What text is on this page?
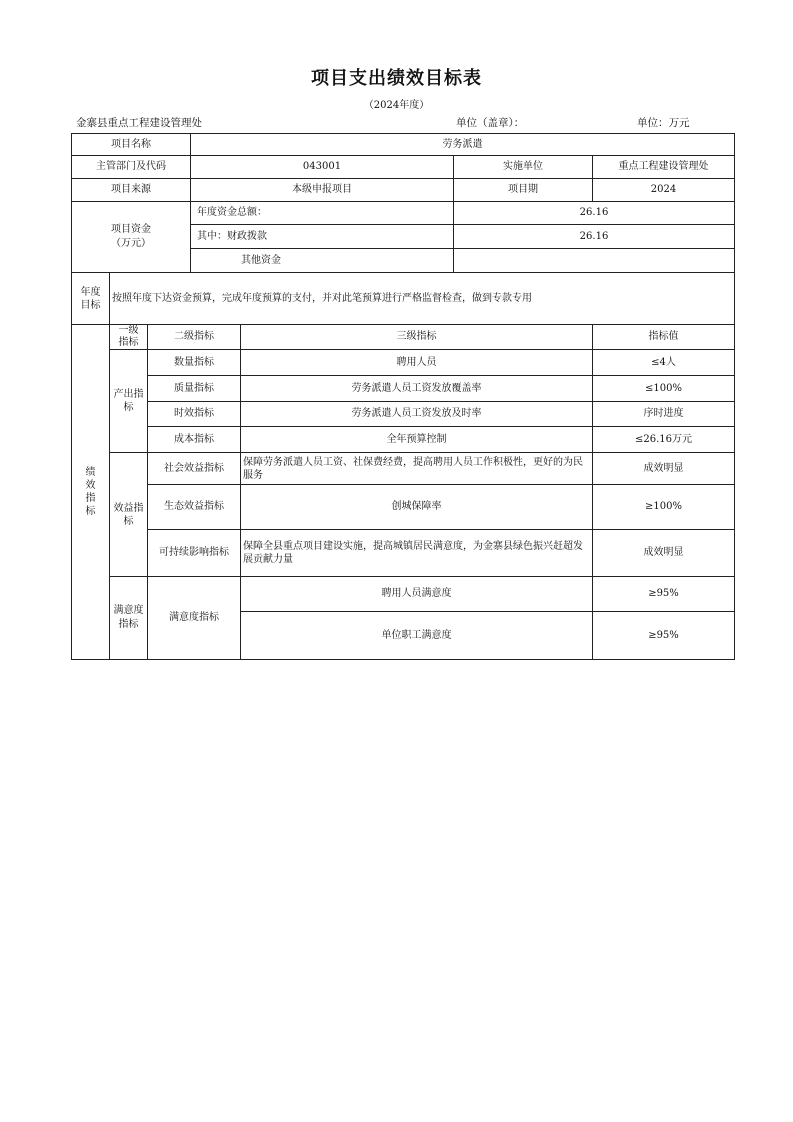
项目支出绩效目标表
（2024年度）
金寨县重点工程建设管理处	单位（盖章）：	单位：万元
项目名称			劳务派遣			
主管部门及代码			043001		实施单位	重点工程建设管理处
项目来源			本级申报项目		项目期	2024
项目资金
（万元）			年度资金总额：		26.16	
			其中：财政拨款		26.16	
			其他资金			
年度
目标	按照年度下达资金预算，完成年度预算的支付，并对此笔预算进行严格监督检查，做到专款专用					
绩
效
指
标	一级
指标	二级指标		三级指标		指标值
	产出指
标	数量指标		聘用人员		≤4人
		质量指标		劳务派遣人员工资发放覆盖率		≤100%
		时效指标		劳务派遣人员工资发放及时率		序时进度
		成本指标		全年预算控制		≤26.16万元
	效益指
标	社会效益指标		保障劳务派遣人员工资、社保费经费，提高聘用人员工作积极性，更好的为民服务		成效明显
		生态效益指标		创城保障率		≥100%
		可持续影响指标		保障全县重点项目建设实施，提高城镇居民满意度，为金寨县绿色振兴赶超发展贡献力量		成效明显
	满意度
指标	满意度指标		聘用人员满意度		≥95%
				单位职工满意度		≥95%
